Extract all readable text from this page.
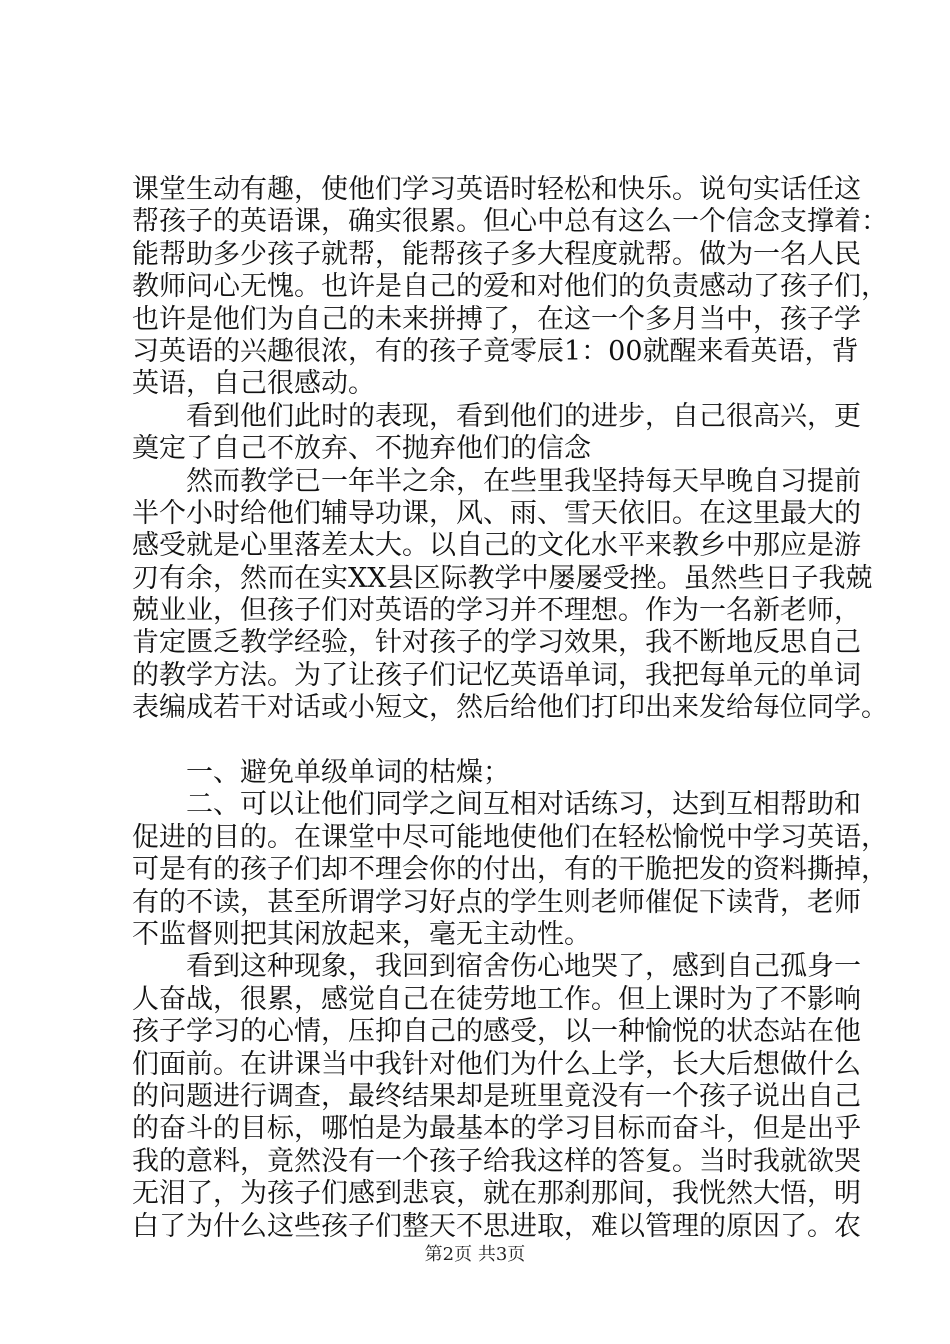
课堂生动有趣，使他们学习英语时轻松和快乐。说句实话任这
帮孩子的英语课，确实很累。但心中总有这么一个信念支撑着：
能帮助多少孩子就帮，能帮孩子多大程度就帮。做为一名人民
教师问心无愧。也许是自己的爱和对他们的负责感动了孩子们，
也许是他们为自己的未来拼搏了，在这一个多月当中，孩子学
习英语的兴趣很浓，有的孩子竟零辰1：00就醒来看英语，背
英语，自己很感动。
　　看到他们此时的表现，看到他们的进步，自己很高兴，更
奠定了自己不放弃、不抛弃他们的信念
　　然而教学已一年半之余，在些里我坚持每天早晚自习提前
半个小时给他们辅导功课，风、雨、雪天依旧。在这里最大的
感受就是心里落差太大。以自己的文化水平来教乡中那应是游
刃有余，然而在实XX县区际教学中屡屡受挫。虽然些日子我兢
兢业业，但孩子们对英语的学习并不理想。作为一名新老师，
肯定匮乏教学经验，针对孩子的学习效果，我不断地反思自己
的教学方法。为了让孩子们记忆英语单词，我把每单元的单词
表编成若干对话或小短文，然后给他们打印出来发给每位同学。
　　一、避免单级单词的枯燥；
　　二、可以让他们同学之间互相对话练习，达到互相帮助和
促进的目的。在课堂中尽可能地使他们在轻松愉悦中学习英语，
可是有的孩子们却不理会你的付出，有的干脆把发的资料撕掉，
有的不读，甚至所谓学习好点的学生则老师催促下读背，老师
不监督则把其闲放起来，毫无主动性。
　　看到这种现象，我回到宿舍伤心地哭了，感到自己孤身一
人奋战，很累，感觉自己在徒劳地工作。但上课时为了不影响
孩子学习的心情，压抑自己的感受，以一种愉悦的状态站在他
们面前。在讲课当中我针对他们为什么上学，长大后想做什么
的问题进行调查，最终结果却是班里竟没有一个孩子说出自己
的奋斗的目标，哪怕是为最基本的学习目标而奋斗，但是出乎
我的意料，竟然没有一个孩子给我这样的答复。当时我就欲哭
无泪了，为孩子们感到悲哀，就在那刹那间，我恍然大悟，明
白了为什么这些孩子们整天不思进取，难以管理的原因了。农
第2页 共3页
